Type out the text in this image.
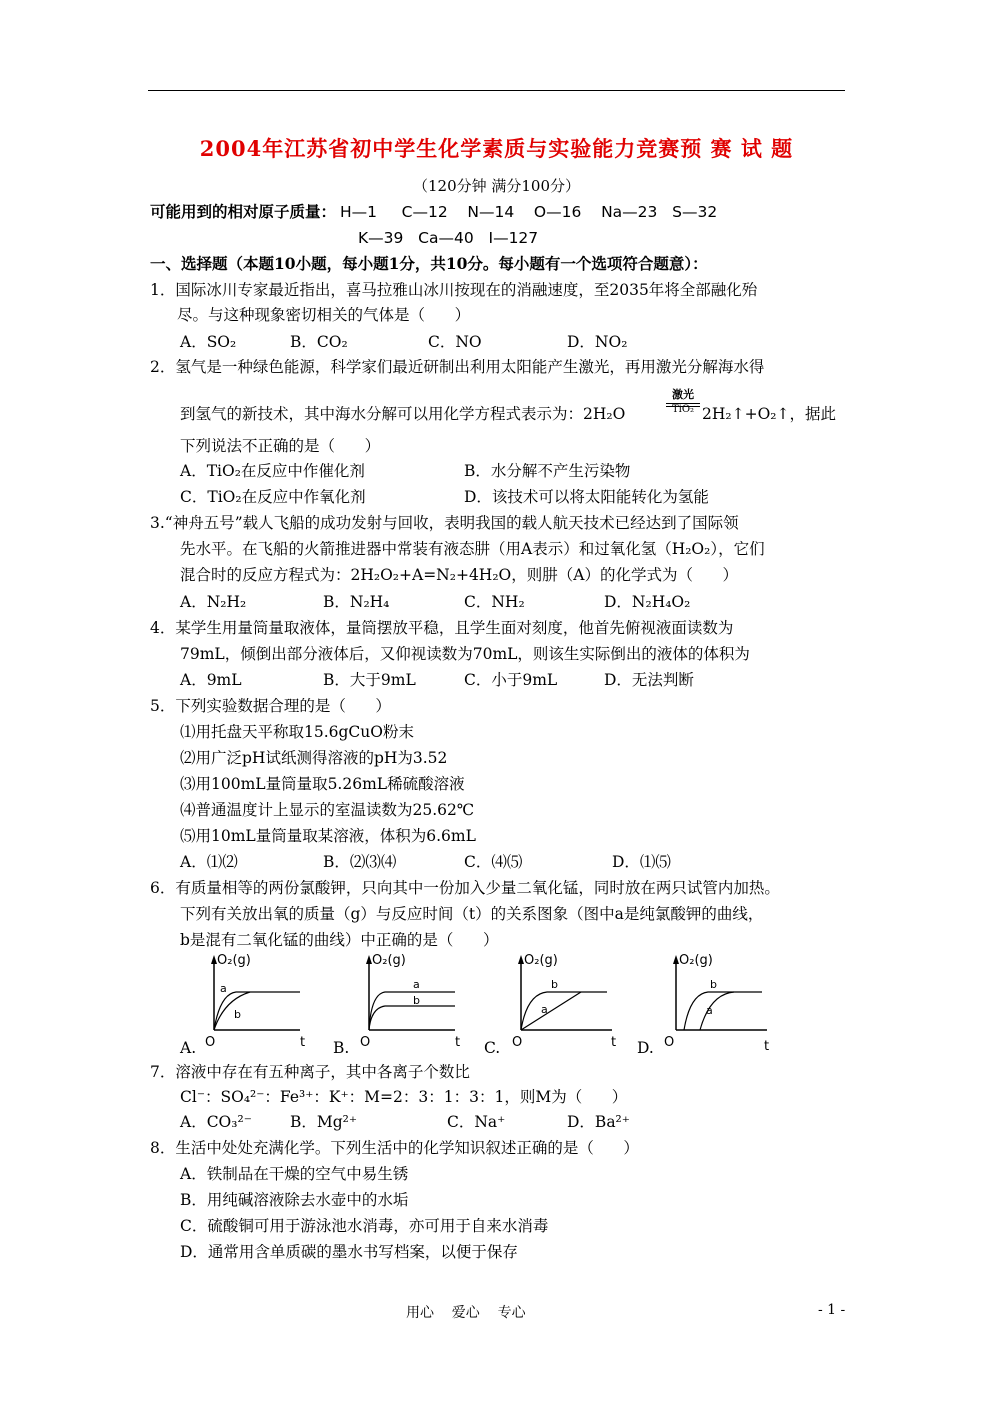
2004年江苏省初中学生化学素质与实验能力竞赛预 赛 试 题
（120分钟 满分100分）
可能用到的相对原子质量： H—1     C—12    N—14    O—16    Na—23   S—32
K—39   Ca—40   I—127
一、选择题（本题10小题，每小题1分，共10分。每小题有一个选项符合题意）：
1．国际冰川专家最近指出，喜马拉雅山冰川按现在的消融速度，至2035年将全部融化殆
尽。与这种现象密切相关的气体是（      ）
A．SO₂	B．CO₂	C．NO	D．NO₂
2．氢气是一种绿色能源，科学家们最近研制出利用太阳能产生激光，再用激光分解海水得
到氢气的新技术，其中海水分解可以用化学方程式表示为：2H₂O
激光
TiO₂ 2H₂↑+O₂↑，据此
下列说法不正确的是（      ）
A．TiO₂在反应中作催化剂	B．水分解不产生污染物
C．TiO₂在反应中作氧化剂	D．该技术可以将太阳能转化为氢能
3.“神舟五号”载人飞船的成功发射与回收，表明我国的载人航天技术已经达到了国际领
先水平。在飞船的火箭推进器中常装有液态肼（用A表示）和过氧化氢（H₂O₂），它们
混合时的反应方程式为：2H₂O₂+A=N₂+4H₂O，则肼（A）的化学式为（      ）
A．N₂H₂	B．N₂H₄	C．NH₂	D．N₂H₄O₂
4．某学生用量筒量取液体，量筒摆放平稳，且学生面对刻度，他首先俯视液面读数为
79mL，倾倒出部分液体后，又仰视读数为70mL，则该生实际倒出的液体的体积为
A．9mL	B．大于9mL	C．小于9mL	D．无法判断
5．下列实验数据合理的是（      ）
⑴用托盘天平称取15.6gCuO粉末
⑵用广泛pH试纸测得溶液的pH为3.52
⑶用100mL量筒量取5.26mL稀硫酸溶液
⑷普通温度计上显示的室温读数为25.62℃
⑸用10mL量筒量取某溶液，体积为6.6mL
A．⑴⑵	B．⑵⑶⑷	C．⑷⑸	D．⑴⑸
6．有质量相等的两份氯酸钾，只向其中一份加入少量二氧化锰，同时放在两只试管内加热。
下列有关放出氧的质量（g）与反应时间（t）的关系图象（图中a是纯氯酸钾的曲线，
b是混有二氧化锰的曲线）中正确的是（      ）
A.
O₂(g)
O	t
a
b
B.
O₂(g)
O	t
a
b
C.
O₂(g)
O	t
a
b
D.
O₂(g)
O	t
a
b
7．溶液中存在有五种离子，其中各离子个数比
Cl⁻：SO₄²⁻：Fe³⁺：K⁺：M=2：3：1：3：1，则M为（      ）
A．CO₃²⁻ B．Mg²⁺	C．Na⁺	D．Ba²⁺
8．生活中处处充满化学。下列生活中的化学知识叙述正确的是（      ）
A．铁制品在干燥的空气中易生锈
B．用纯碱溶液除去水壶中的水垢
C．硫酸铜可用于游泳池水消毒，亦可用于自来水消毒
D．通常用含单质碳的墨水书写档案，以便于保存
用心    爱心    专心	- 1 -
